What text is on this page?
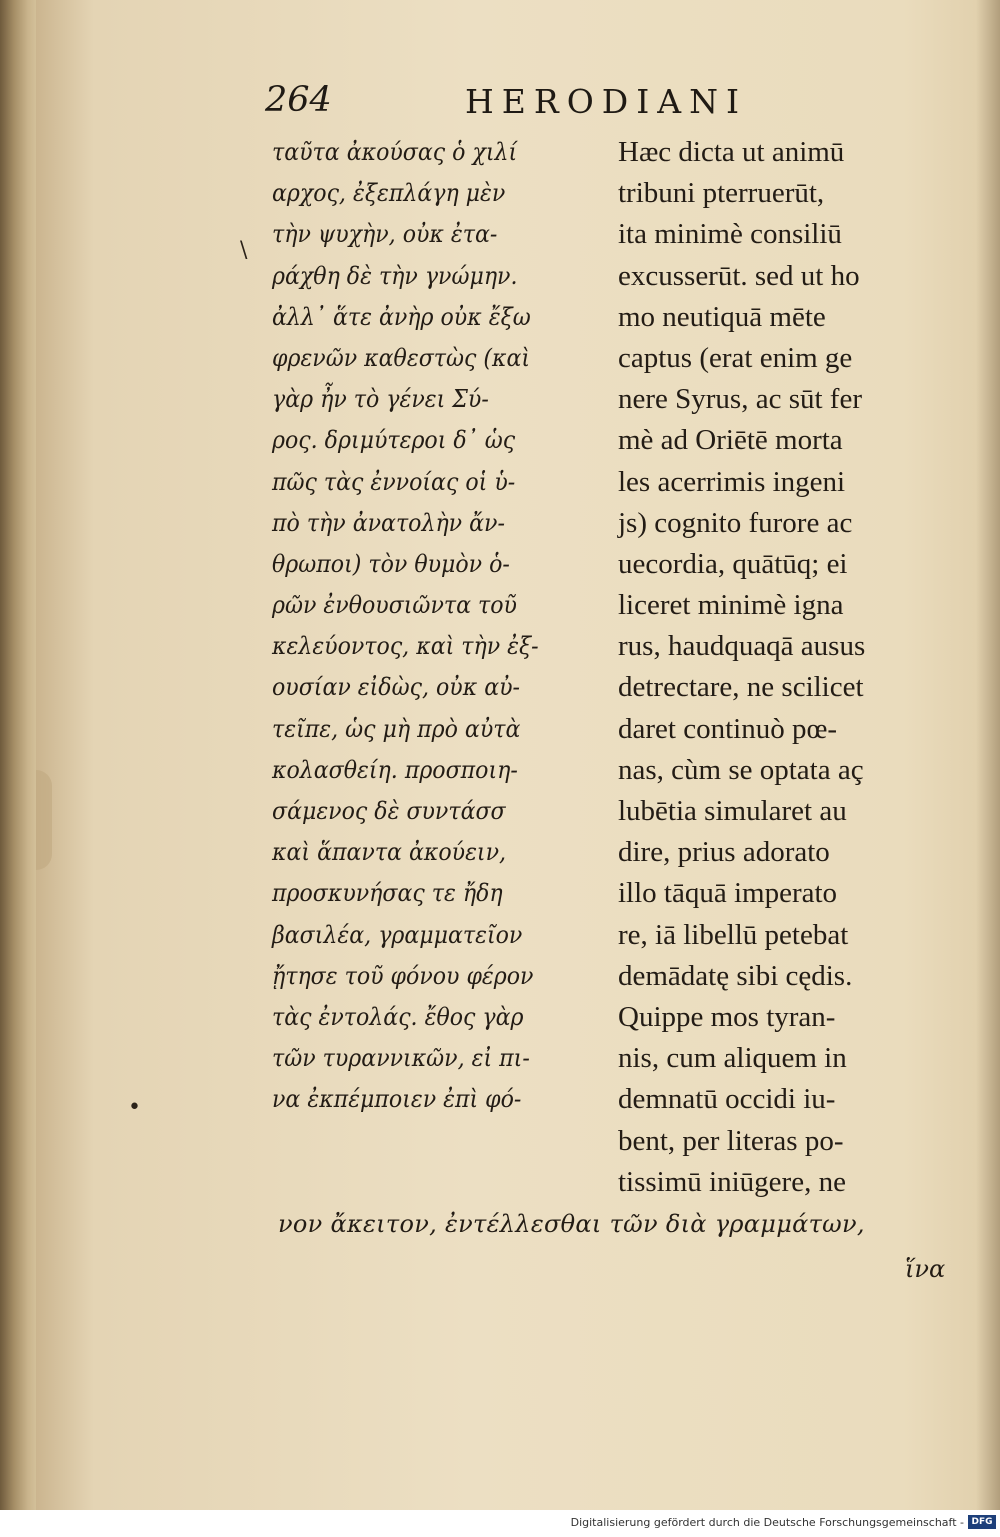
264	HERODIANI
\
•
ταῦτα ἀκούσας ὁ χιλί
αρχος, ἐξεπλάγη μὲν
τὴν ψυχὴν, οὐκ ἐτα-
ράχθη δὲ τὴν γνώμην.
ἀλλ᾽ ἅτε ἀνὴρ οὐκ ἔξω
φρενῶν καθεστὼς (καὶ
γὰρ ἦν τὸ γένει Σύ-
ρος. δριμύτεροι δ᾽ ὡς
πῶς τὰς ἐννοίας οἱ ὑ-
πὸ τὴν ἀνατολὴν ἄν-
θρωποι) τὸν θυμὸν ὁ-
ρῶν ἐνθουσιῶντα τοῦ
κελεύοντος, καὶ τὴν ἐξ-
ουσίαν εἰδὼς, οὐκ αὐ-
τεῖπε, ὡς μὴ πρὸ αὐτὰ
κολασθείη. προσποιη-
σάμενος δὲ συντάσσ
καὶ ἅπαντα ἀκούειν,
προσκυνήσας τε ἤδη
βασιλέα, γραμματεῖον
ᾔτησε τοῦ φόνου φέρον
τὰς ἐντολάς. ἔθος γὰρ
τῶν τυραννικῶν, εἰ πι-
να ἐκπέμποιεν ἐπὶ φό-
Hæc dicta ut animū
tribuni pterruerūt,
ita minimè consiliū
excusserūt. sed ut ho
mo neutiquā mēte
captus (erat enim ge
nere Syrus, ac sūt fer
mè ad Oriētē morta
les acerrimis ingeni
js) cognito furore ac
uecordia, quātūq; ei
liceret minimè igna
rus, haudquaqā ausus
detrectare, ne scilicet
daret continuò pœ-
nas, cùm se optata aç
lubētia simularet au
dire, prius adorato
illo tāquā imperato
re, iā libellū petebat
demādatę sibi cędis.
Quippe mos tyran-
nis, cum aliquem in
demnatū occidi iu-
bent, per literas po-
tissimū iniūgere, ne
νον ἄκειτον, ἐντέλλεσθαι τῶν διὰ γραμμάτων,
ἵνα
Digitalisierung gefördert durch die Deutsche Forschungsgemeinschaft - DFG
